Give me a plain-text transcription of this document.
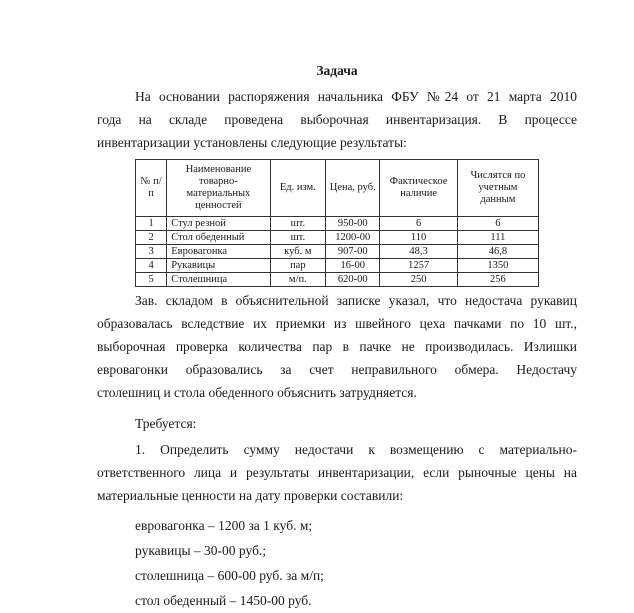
Задача
На основании распоряжения начальника ФБУ №24 от 21 марта 2010
года на складе проведена выборочная инвентаризация. В процессе
инвентаризации установлены следующие результаты:
№ п/п	Наименование товарно-материальных ценностей	Ед. изм.	Цена, руб.	Фактическое наличие	Числятся по учетным данным
1	Стул резной	шт.	950-00	6	6
2	Стол обеденный	шт.	1200-00	110	111
3	Евровагонка	куб. м	907-00	48,3	46,8
4	Рукавицы	пар	16-00	1257	1350
5	Столешница	м/п.	620-00	250	256
Зав. складом в объяснительной записке указал, что недостача рукавиц
образовалась вследствие их приемки из швейного цеха пачками по 10 шт.,
выборочная проверка количества пар в пачке не производилась. Излишки
евровагонки образовались за счет неправильного обмера. Недостачу
столешниц и стола обеденного объяснить затрудняется.
Требуется:
1. Определить сумму недостачи к возмещению с материально-
ответственного лица и результаты инвентаризации, если рыночные цены на
материальные ценности на дату проверки составили:
евровагонка – 1200 за 1 куб. м;
рукавицы – 30-00 руб.;
столешница – 600-00 руб. за м/п;
стол обеденный – 1450-00 руб.
